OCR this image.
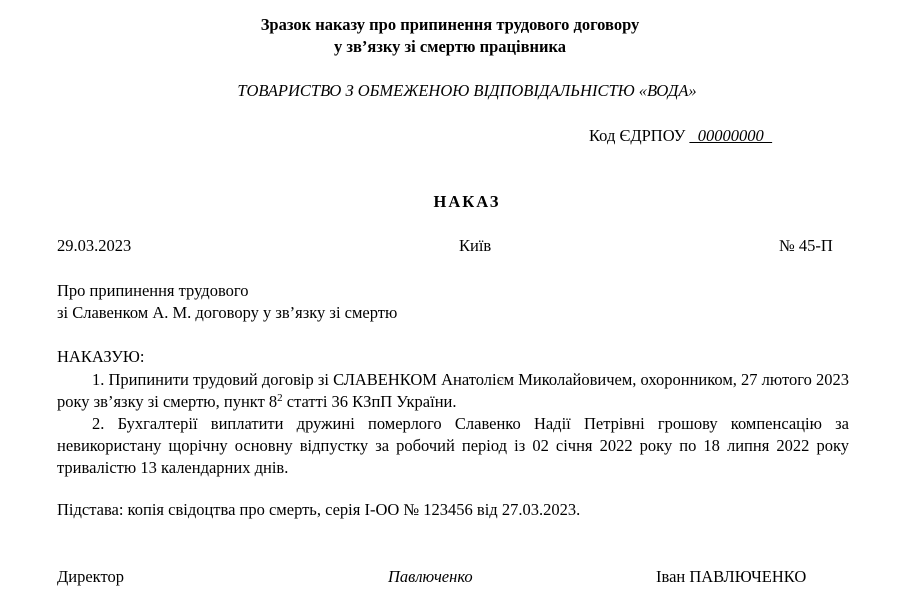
Зразок наказу про припинення трудового договору
у зв’язку зі смертю працівника
ТОВАРИСТВО З ОБМЕЖЕНОЮ ВІДПОВІДАЛЬНІСТЮ «ВОДА»
Код ЄДРПОУ _00000000_
НАКАЗ
29.03.2023	Київ	№ 45-П
Про припинення трудового
зі Славенком А. М. договору у зв’язку зі смертю
НАКАЗУЮ:
1. Припинити трудовий договір зі СЛАВЕНКОМ Анатолієм Миколайовичем, охоронником, 27 лютого 2023 року зв’язку зі смертю, пункт $8^2$ статті 36 КЗпП України.
2. Бухгалтерії виплатити дружині померлого Славенко Надії Петрівні грошову компенсацію за невикористану щорічну основну відпустку за робочий період із 02 січня 2022 року по 18 липня 2022 року тривалістю 13 календарних днів.
Підстава: копія свідоцтва про смерть, серія І-ОО № 123456 від 27.03.2023.
Директор	Павлюченко	Іван ПАВЛЮЧЕНКО
